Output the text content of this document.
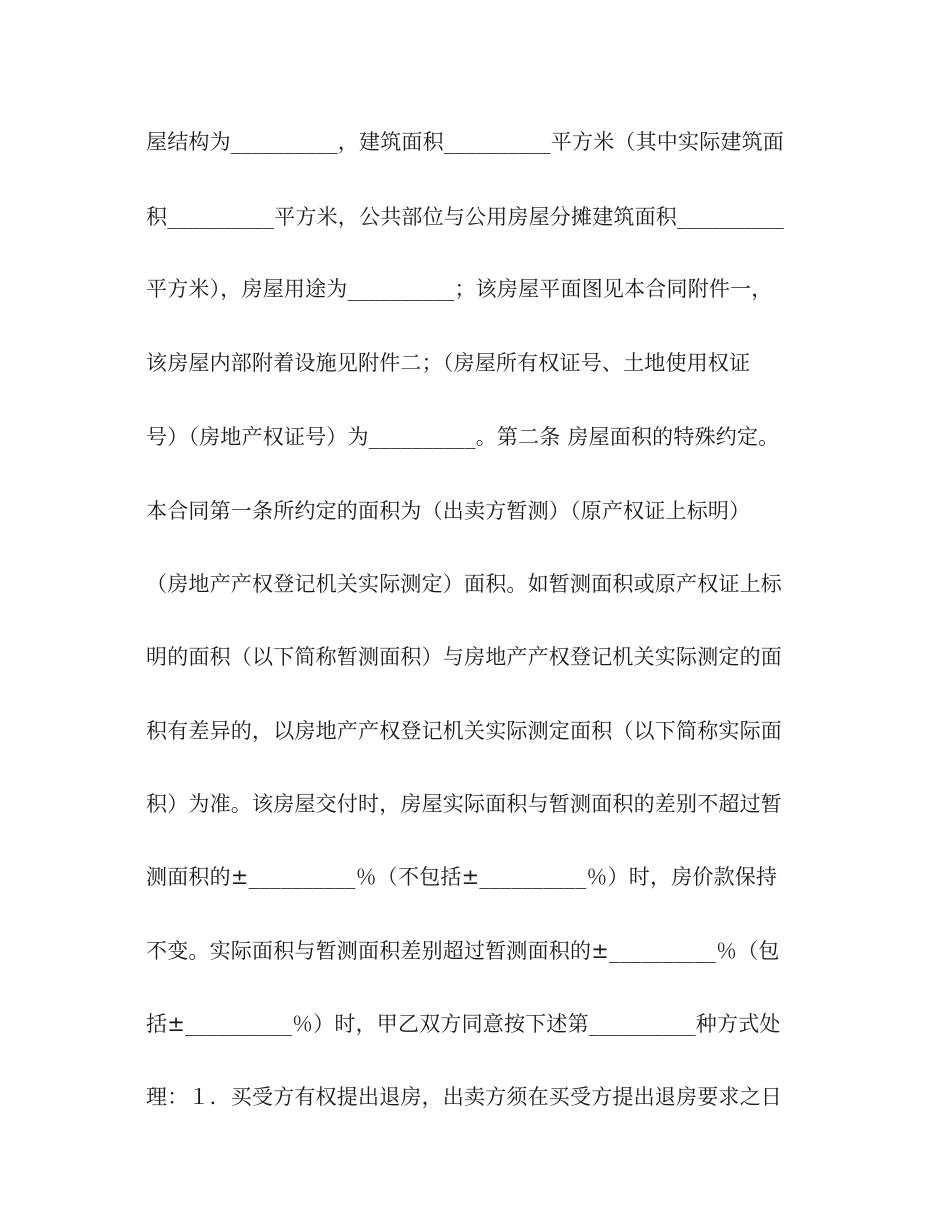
屋结构为__________，建筑面积__________平方米（其中实际建筑面
积__________平方米，公共部位与公用房屋分摊建筑面积__________
平方米），房屋用途为__________；该房屋平面图见本合同附件一，
该房屋内部附着设施见附件二；（房屋所有权证号、土地使用权证
号）（房地产权证号）为__________。第二条 房屋面积的特殊约定。
本合同第一条所约定的面积为（出卖方暂测）（原产权证上标明）
（房地产产权登记机关实际测定）面积。如暂测面积或原产权证上标
明的面积（以下简称暂测面积）与房地产产权登记机关实际测定的面
积有差异的，以房地产产权登记机关实际测定面积（以下简称实际面
积）为准。该房屋交付时，房屋实际面积与暂测面积的差别不超过暂
测面积的±__________％（不包括±__________％）时，房价款保持
不变。实际面积与暂测面积差别超过暂测面积的±__________％（包
括±__________％）时，甲乙双方同意按下述第__________种方式处
理：１．买受方有权提出退房，出卖方须在买受方提出退房要求之日
